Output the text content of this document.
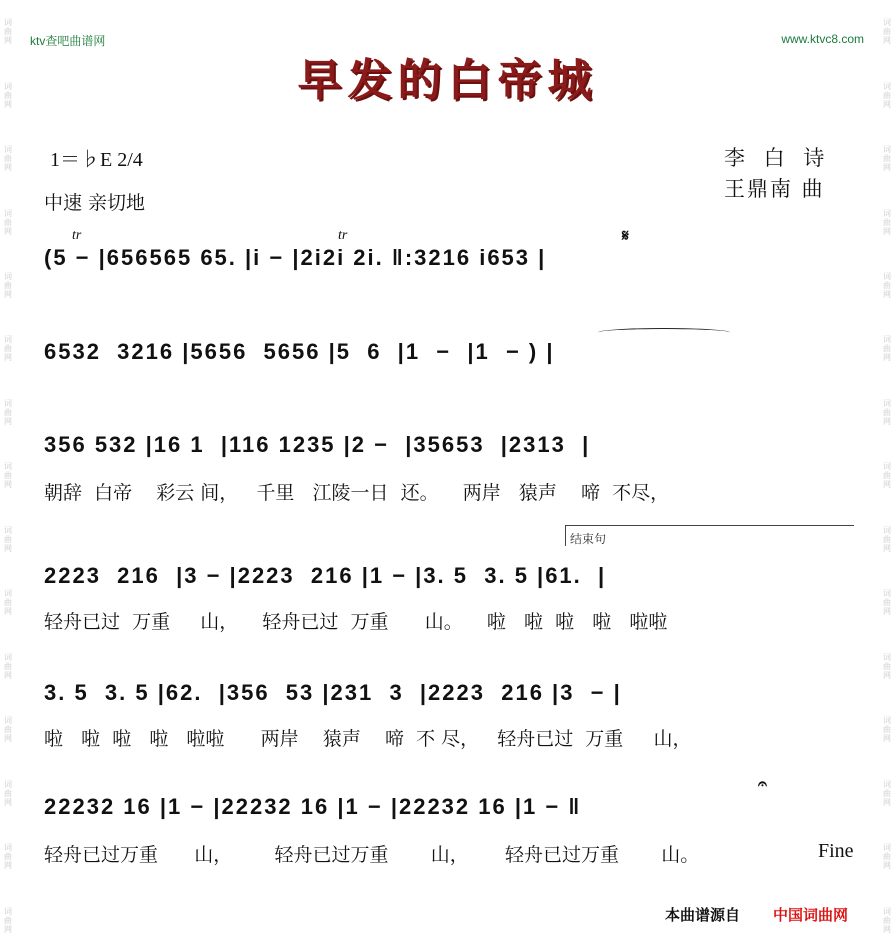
词
曲
网
词
曲
网
词
曲
网
词
曲
网
词
曲
网
词
曲
网
词
曲
网
词
曲
网
词
曲
网
词
曲
网
词
曲
网
词
曲
网
词
曲
网
词
曲
网
词
曲
网
词
曲
网
词
曲
网
词
曲
网
词
曲
网
词
曲
网
词
曲
网
词
曲
网
词
曲
网
词
曲
网
词
曲
网
词
曲
网
词
曲
网
词
曲
网
词
曲
网
词
曲
网
ktv查吧曲谱网	www.ktvc8.com
早发的白帝城
1＝♭E 2/4
中速 亲切地
李 白 诗
王鼎南 曲
tr	tr	𝄋
(5 − |656565 65. |i − |2i2i 2i. ‖:3216 i653 |
6532  3216 |5656  5656 |5  6  |1  −  |1  − ) |
356 532 |16 1  |116 1235 |2 −  |35653  |2313  |
朝辞  白帝    彩云 间，   千里   江陵一日  还。    两岸   猿声    啼  不尽，
结束句
2223  216  |3 − |2223  216 |1 − |3. 5  3. 5 |61.  |
轻舟已过  万重     山，    轻舟已过  万重      山。    啦   啦  啦   啦   啦啦
3. 5  3. 5 |62.  |356  53 |231  3  |2223  216 |3  − |
啦   啦  啦   啦   啦啦      两岸    猿声    啼  不 尽，   轻舟已过  万重     山，
𝄐
22232 16 |1 − |22232 16 |1 − |22232 16 |1 − ‖
轻舟已过万重      山，       轻舟已过万重       山，      轻舟已过万重       山。	Fine
本曲谱源自 中国词曲网
